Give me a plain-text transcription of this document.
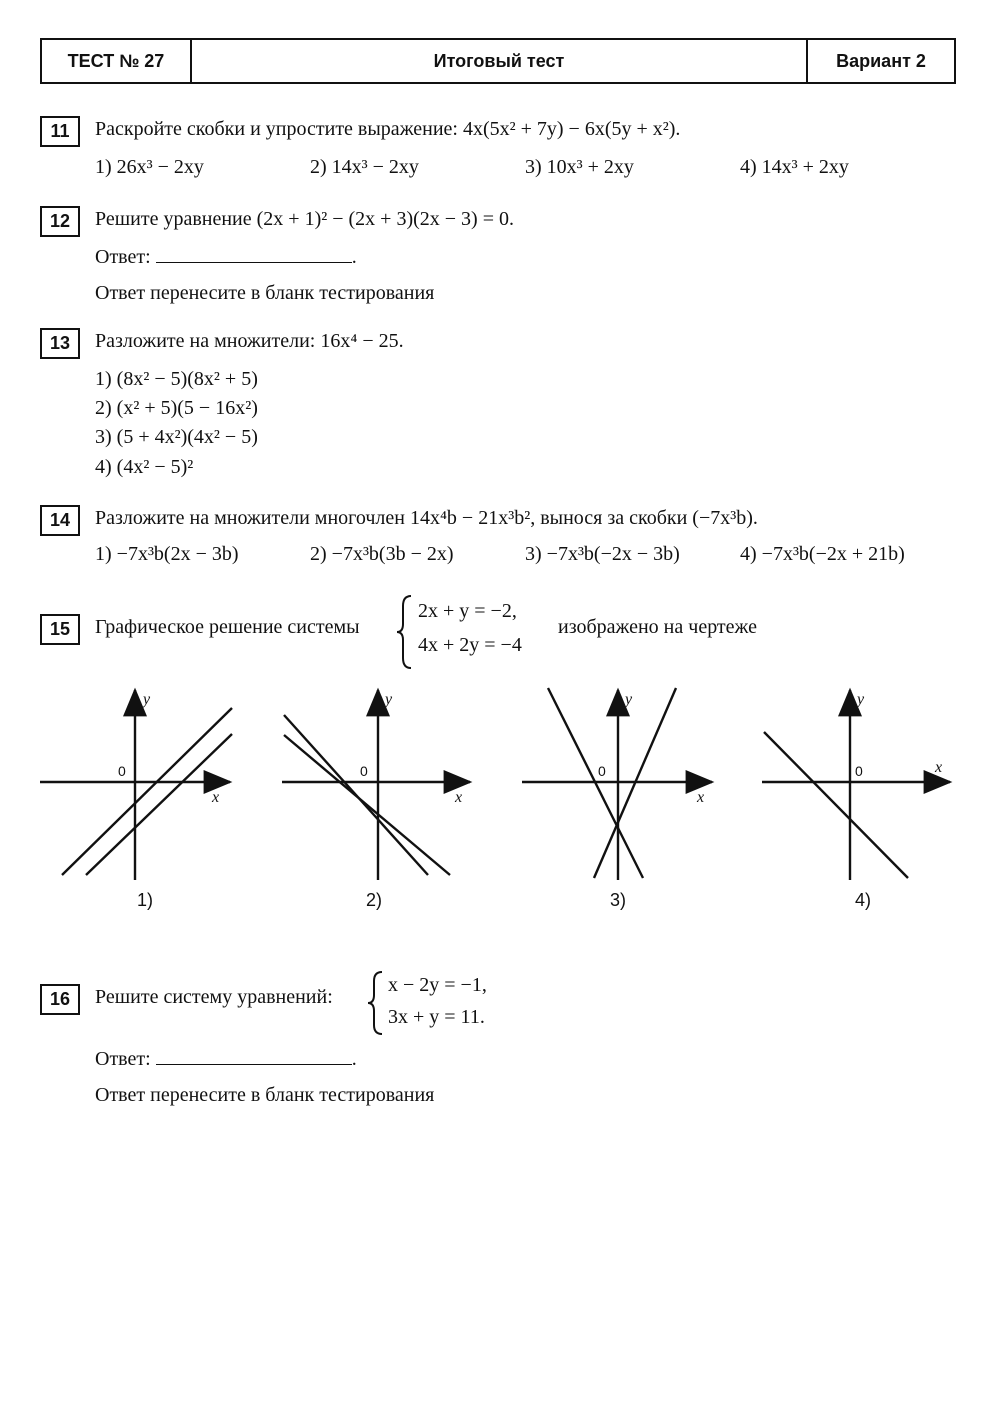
ТЕСТ № 27	Итоговый тест	Вариант 2
11	Раскройте скобки и упростите выражение: 4x(5x² + 7y) − 6x(5y + x²).
1) 26x³ − 2xy	2) 14x³ − 2xy	3) 10x³ + 2xy	4) 14x³ + 2xy
12	Решите уравнение (2x + 1)² − (2x + 3)(2x − 3) = 0.
Ответ:	.
Ответ перенесите в бланк тестирования
13	Разложите на множители: 16x⁴ − 25.
1) (8x² − 5)(8x² + 5)
2) (x² + 5)(5 − 16x²)
3) (5 + 4x²)(4x² − 5)
4) (4x² − 5)²
14	Разложите на множители многочлен 14x⁴b − 21x³b², вынося за скобки (−7x³b).
1) −7x³b(2x − 3b)	2) −7x³b(3b − 2x)	3) −7x³b(−2x − 3b)	4) −7x³b(−2x + 21b)
15	Графическое решение системы
2x + y = −2,
4x + 2y = −4
изображено на чертеже
y
x
y
x
y
x
y
x
0	0	0	0
1)	2)	3)	4)
16	Решите систему уравнений:
x − 2y = −1,
3x + y = 11.
Ответ:	.
Ответ перенесите в бланк тестирования
